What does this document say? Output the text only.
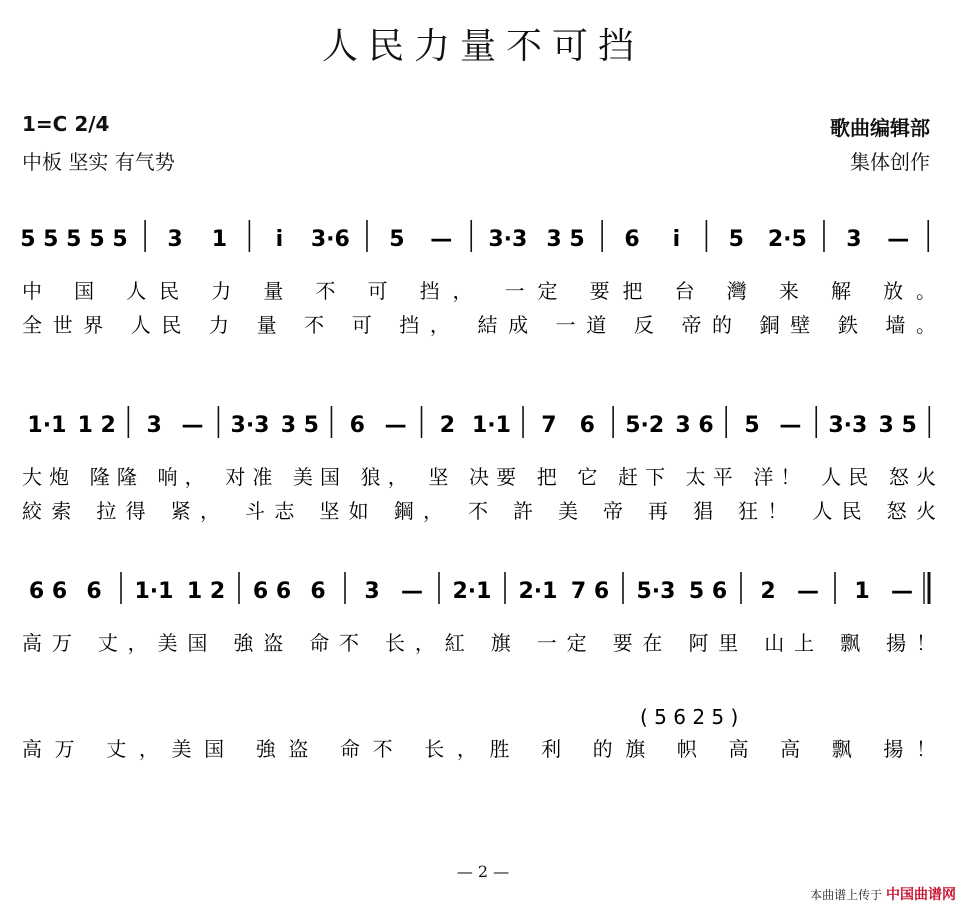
人民力量不可挡
1=C 2/4
中板 坚实 有气势
歌曲编辑部
集体创作
5 5 5 5 5 3 1 i 3·6 5 — 3·3 3 5 6 i 5 2·5 3 —
中 国 人民 力 量 不 可 挡， 一定 要把 台 灣 来 解 放。
全世界 人民 力 量 不 可 挡， 結成 一道 反 帝的 銅壁 鉄 墙。
1·1 1 2 3 — 3·3 3 5 6 — 2 1·1 7 6 5·2 3 6 5 — 3·3 3 5
大炮 隆隆 响， 对准 美国 狼， 坚 决要 把 它 赶下 太平 洋！ 人民 怒火
絞索 拉得 紧， 斗志 坚如 鋼， 不 許 美 帝 再 猖 狂！ 人民 怒火
6 6 6 1·1 1 2 6 6 6 3 — 2·1 2·1 7 6 5·3 5 6 2 — 1 —
高万 丈，美国 強盗 命不 长，紅 旗 一定 要在 阿里 山上 飘 揚！
高万 丈，美国 強盗 命不 长，胜 利 的旗 帜 高 高 飘 揚！
( 5 6 2 5 )
— 2 —
本曲谱上传于 中国曲谱网
